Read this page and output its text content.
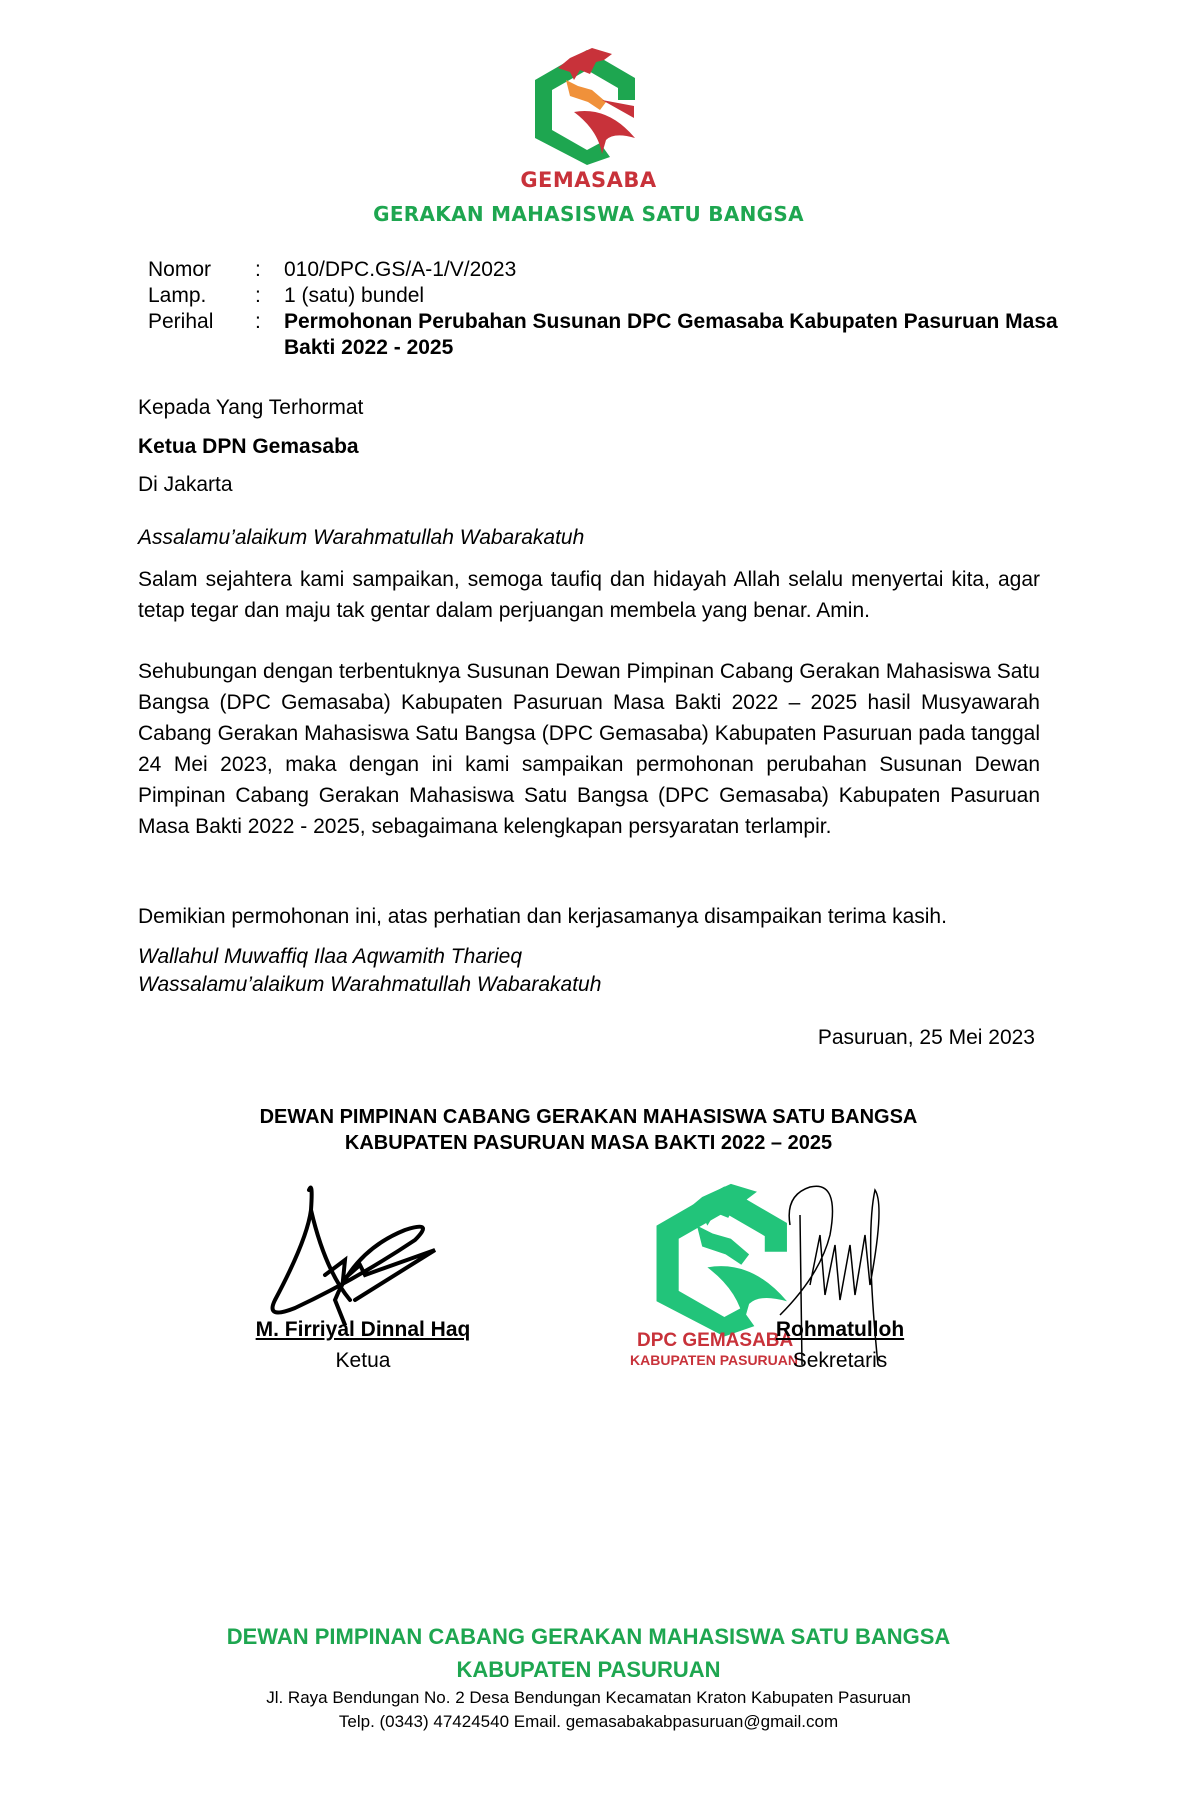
GEMASABA
GERAKAN MAHASISWA SATU BANGSA
Nomor	:	010/DPC.GS/A-1/V/2023
Lamp.	:	1 (satu) bundel
Perihal	:	Permohonan Perubahan Susunan DPC Gemasaba Kabupaten Pasuruan Masa Bakti 2022 - 2025
Kepada Yang Terhormat
Ketua DPN Gemasaba
Di Jakarta
Assalamu’alaikum Warahmatullah Wabarakatuh
Salam sejahtera kami sampaikan, semoga taufiq dan hidayah Allah selalu menyertai kita, agar tetap tegar dan maju tak gentar dalam perjuangan membela yang benar. Amin.
Sehubungan dengan terbentuknya Susunan Dewan Pimpinan Cabang Gerakan Mahasiswa Satu Bangsa (DPC Gemasaba) Kabupaten Pasuruan Masa Bakti 2022 – 2025 hasil Musyawarah Cabang Gerakan Mahasiswa Satu Bangsa (DPC Gemasaba) Kabupaten Pasuruan pada tanggal 24 Mei 2023, maka dengan ini kami sampaikan permohonan perubahan Susunan Dewan Pimpinan Cabang Gerakan Mahasiswa Satu Bangsa (DPC Gemasaba) Kabupaten Pasuruan Masa Bakti 2022 - 2025, sebagaimana kelengkapan persyaratan terlampir.
Demikian permohonan ini, atas perhatian dan kerjasamanya disampaikan terima kasih.
Wallahul Muwaffiq Ilaa Aqwamith Tharieq
Wassalamu’alaikum Warahmatullah Wabarakatuh
Pasuruan, 25 Mei 2023
DEWAN PIMPINAN CABANG GERAKAN MAHASISWA SATU BANGSA
KABUPATEN PASURUAN MASA BAKTI 2022 – 2025
M. Firriyal Dinnal Haq
Ketua
DPC GEMASABA
KABUPATEN PASURUAN
Rohmatulloh
Sekretaris
DEWAN PIMPINAN CABANG GERAKAN MAHASISWA SATU BANGSA
KABUPATEN PASURUAN
Jl. Raya Bendungan No. 2 Desa Bendungan Kecamatan Kraton Kabupaten Pasuruan
Telp. (0343) 47424540 Email. gemasabakabpasuruan@gmail.com
